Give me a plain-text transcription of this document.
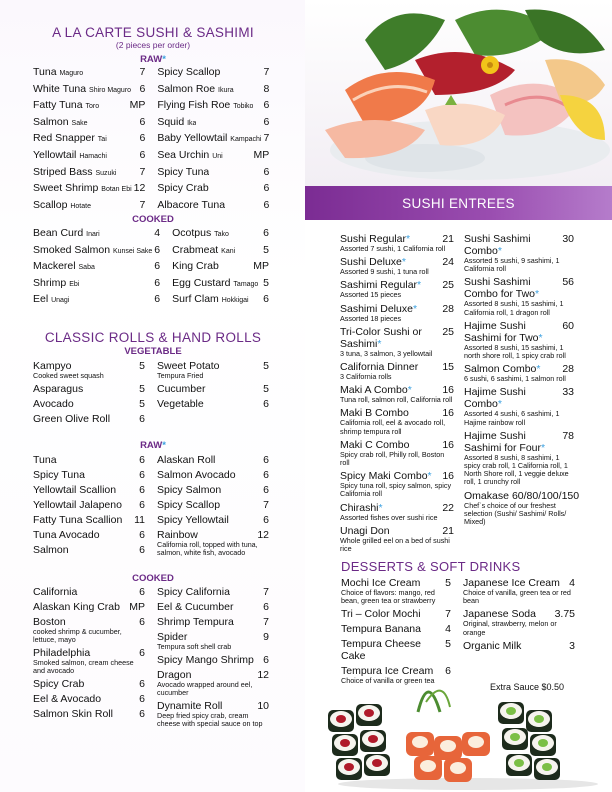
A LA CARTE SUSHI & SASHIMI
(2 pieces per order)
RAW*
Tuna Maguro	7 Spicy Scallop	7
White Tuna Shiro Maguro 6 Salmon Roe Ikura	8
Fatty Tuna Toro	MP Flying Fish Roe Tobiko 6
Salmon Sake	6 Squid Ika	6
Red Snapper Tai	6 Baby Yellowtail Kampachi 7
Yellowtail Hamachi	6 Sea Urchin Uni	MP
Striped Bass Suzuki 7 Spicy Tuna	6
Sweet Shrimp Botan Ebi 12 Spicy Crab	6
Scallop Hotate	7 Albacore Tuna	6
COOKED
Bean Curd Inari	4 Ocotpus Tako	6
Smoked Salmon Kunsei Sake 6 Crabmeat Kani	5
Mackerel Saba	6 King Crab	MP
Shrimp Ebi	6 Egg Custard Tamago 5
Eel Unagi	6 Surf Clam Hokkigai 6
CLASSIC ROLLS & HAND ROLLS
VEGETABLE
Kampyo	5
Cooked sweet squash
Asparagus	5
Avocado	5
Green Olive Roll	6
Sweet Potato	5
Tempura Fried
Cucumber	5
Vegetable	6
RAW*
Tuna	6
Spicy Tuna	6
Yellowtail Scallion 6
Yellowtail Jalapeno 6
Fatty Tuna Scallion 11
Tuna Avocado	6
Salmon	6
Alaskan Roll	6
Salmon Avocado	6
Spicy Salmon	6
Spicy Scallop	7
Spicy Yellowtail	6
Rainbow	12
California roll, topped with tuna, salmon, white fish, avocado
COOKED
California	6
Alaskan King Crab MP
Boston	6
cooked shrimp & cucumber, lettuce, mayo
Philadelphia	6
Smoked salmon, cream cheese and avocado
Spicy Crab	6
Eel & Avocado	6
Salmon Skin Roll 6
Spicy California	7
Eel & Cucumber	6
Shrimp Tempura	7
Spider	9
Tempura soft shell crab
Spicy Mango Shrimp 6
Dragon	12
Avocado wrapped around eel, cucumber
Dynamite Roll	10
Deep fried spicy crab, cream cheese with special sauce on top
SUSHI ENTREES
Sushi Regular*	21
Assorted 7 sushi, 1 California roll
Sushi Deluxe*	24
Assorted 9 sushi, 1 tuna roll
Sashimi Regular* 25
Assorted 15 pieces
Sashimi Deluxe* 28
Assorted 18 pieces
Tri-Color Sushi or Sashimi*
25
3 tuna, 3 salmon, 3 yellowtail
California Dinner 15
3 California rolls
Maki A Combo*	16
Tuna roll, salmon roll, California roll
Maki B Combo	16
California roll, eel & avocado roll, shrimp tempura roll
Maki C Combo	16
Spicy crab roll, Philly roll, Boston roll
Spicy Maki Combo* 16
Spicy tuna roll, spicy salmon, spicy California roll
Chirashi*	22
Assorted fishes over sushi rice
Unagi Don	21
Whole grilled eel on a bed of sushi rice
Sushi Sashimi Combo*
30
Assorted 5 sushi, 9 sashimi, 1 California roll
Sushi Sashimi Combo for Two*
56
Assorted 8 sushi, 15 sashimi, 1 California roll, 1 dragon roll
Hajime Sushi Sashimi for Two*
60
Assorted 8 sushi, 15 sashimi, 1 north shore roll, 1 spicy crab roll
Salmon Combo* 28
6 sushi, 6 sashimi, 1 salmon roll
Hajime Sushi Combo*
33
Assorted 4 sushi, 6 sashimi, 1 Hajime rainbow roll
Hajime Sushi Sashimi for Four*
78
Assorted 8 sushi, 8 sashimi, 1 spicy crab roll, 1 California roll, 1 North Shore roll, 1 veggie deluxe roll, 1 crunchy roll
Omakase 60/80/100/150
Chef`s choice of our freshest selection (Sushi/ Sashimi/ Rolls/ Mixed)
DESSERTS & SOFT DRINKS
Mochi Ice Cream 5
Choice of flavors: mango, red bean, green tea or strawberry
Tri – Color Mochi 7
Tempura Banana 4
Tempura Cheese Cake
5
Tempura Ice Cream 6
Choice of vanilla or green tea
Japanese Ice Cream 4
Choice of vanilla, green tea or red bean
Japanese Soda 3.75
Original, strawberry, melon or orange
Organic Milk	3
Extra Sauce $0.50
